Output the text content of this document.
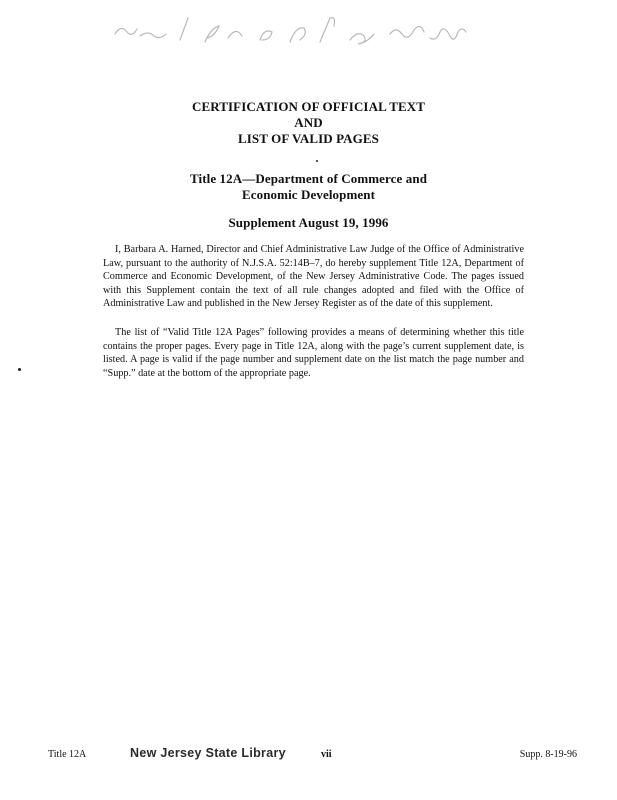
CERTIFICATION OF OFFICIAL TEXT
AND
LIST OF VALID PAGES
Title 12A—Department of Commerce and
Economic Development
Supplement August 19, 1996

I, Barbara A. Harned, Director and Chief Administrative Law Judge of the Office of Administrative Law, pursuant to the authority of N.J.S.A. 52:14B–7, do hereby supplement Title 12A, Department of Commerce and Economic Development, of the New Jersey Administrative Code. The pages issued with this Supplement contain the text of all rule changes adopted and filed with the Office of Administrative Law and published in the New Jersey Register as of the date of this supplement.

The list of “Valid Title 12A Pages” following provides a means of determining whether this title contains the proper pages. Every page in Title 12A, along with the page’s current supplement date, is listed. A page is valid if the page number and supplement date on the list match the page number and “Supp.” date at the bottom of the appropriate page.

Title 12A	New Jersey State Library	vii	Supp. 8-19-96
